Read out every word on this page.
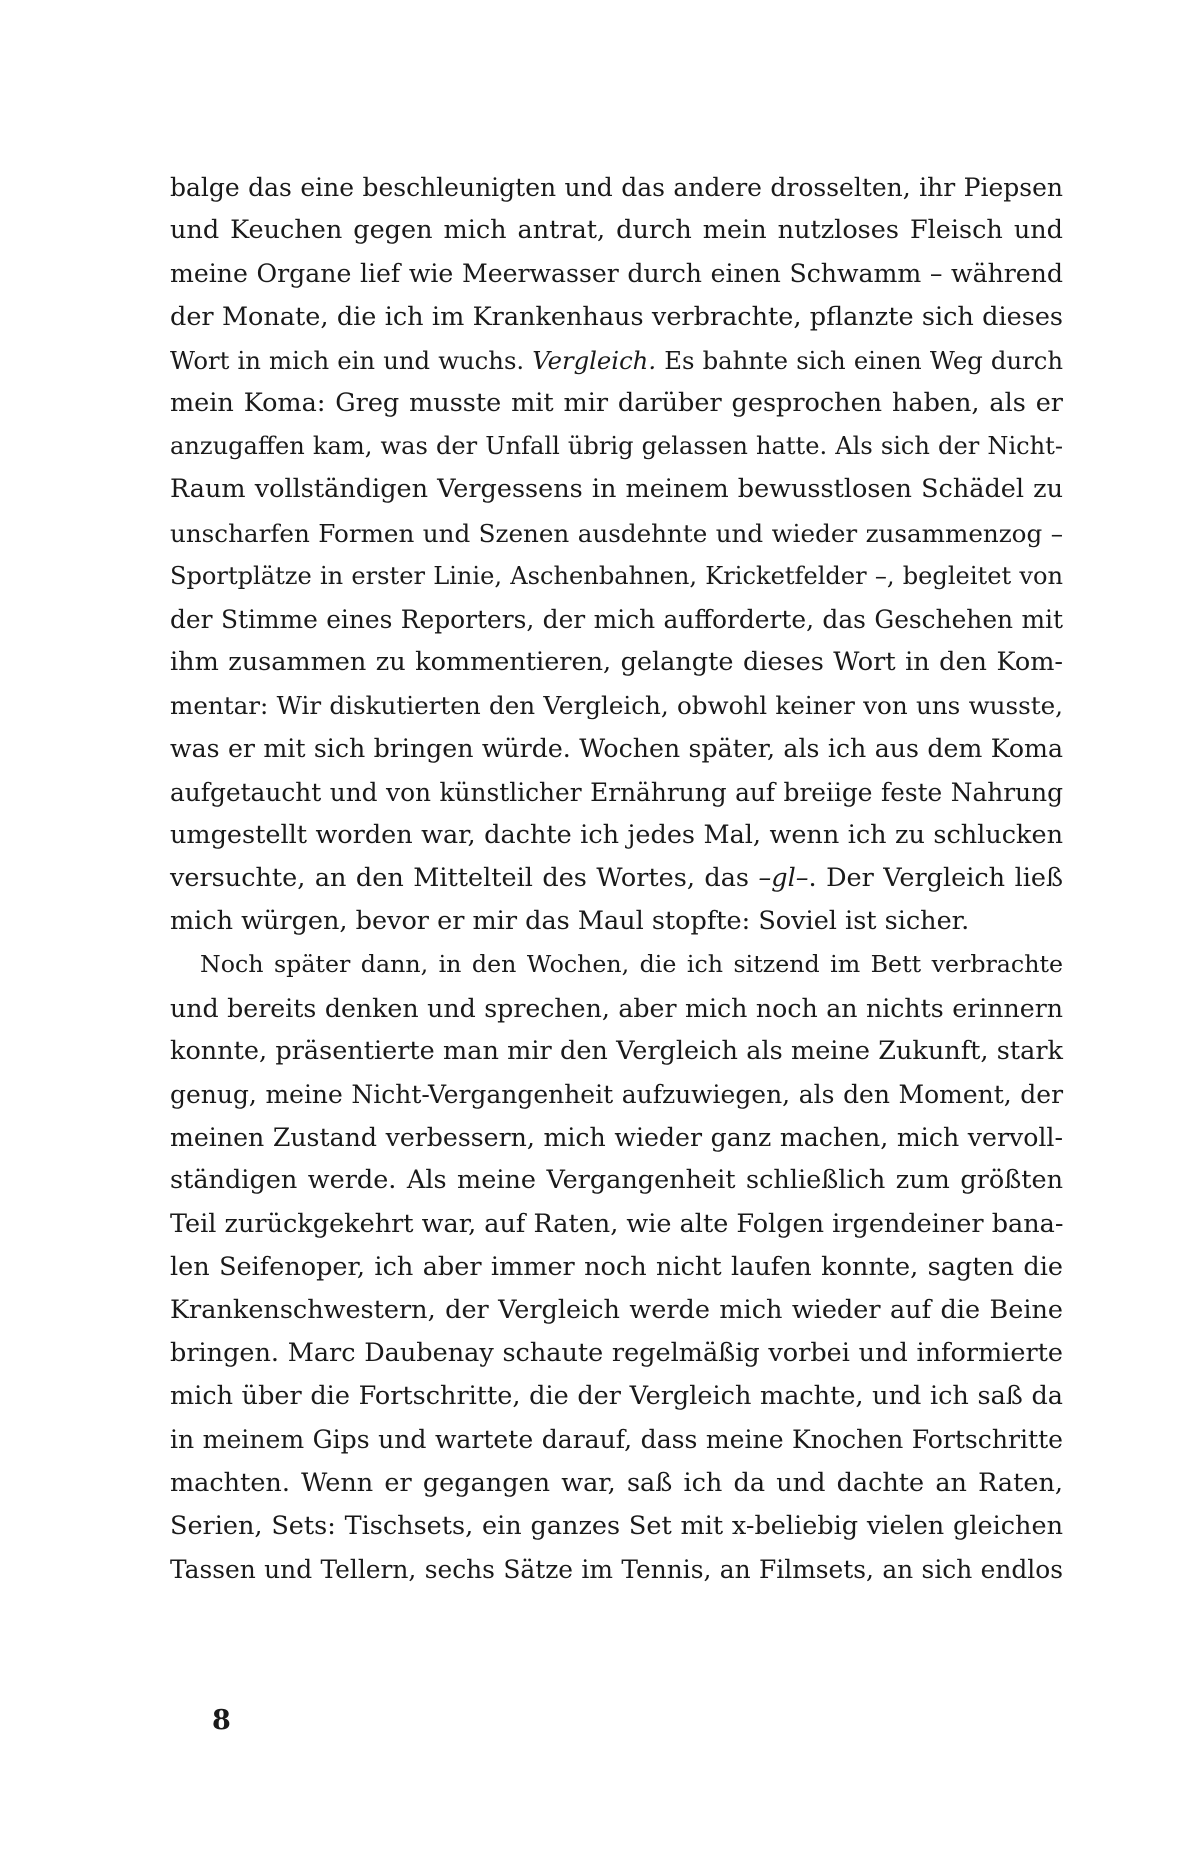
balge das eine beschleunigten und das andere drosselten, ihr Piepsen
und Keuchen gegen mich antrat, durch mein nutzloses Fleisch und
meine Organe lief wie Meerwasser durch einen Schwamm – während
der Monate, die ich im Krankenhaus verbrachte, pflanzte sich dieses
Wort in mich ein und wuchs. Vergleich. Es bahnte sich einen Weg durch
mein Koma: Greg musste mit mir darüber gesprochen haben, als er
anzugaffen kam, was der Unfall übrig gelassen hatte. Als sich der Nicht-
Raum vollständigen Vergessens in meinem bewusstlosen Schädel zu
unscharfen Formen und Szenen ausdehnte und wieder zusammenzog –
Sportplätze in erster Linie, Aschenbahnen, Kricketfelder –, begleitet von
der Stimme eines Reporters, der mich aufforderte, das Geschehen mit
ihm zusammen zu kommentieren, gelangte dieses Wort in den Kom-
mentar: Wir diskutierten den Vergleich, obwohl keiner von uns wusste,
was er mit sich bringen würde. Wochen später, als ich aus dem Koma
aufgetaucht und von künstlicher Ernährung auf breiige feste Nahrung
umgestellt worden war, dachte ich jedes Mal, wenn ich zu schlucken
versuchte, an den Mittelteil des Wortes, das –gl–. Der Vergleich ließ
mich würgen, bevor er mir das Maul stopfte: Soviel ist sicher.
Noch später dann, in den Wochen, die ich sitzend im Bett verbrachte
und bereits denken und sprechen, aber mich noch an nichts erinnern
konnte, präsentierte man mir den Vergleich als meine Zukunft, stark
genug, meine Nicht-Vergangenheit aufzuwiegen, als den Moment, der
meinen Zustand verbessern, mich wieder ganz machen, mich vervoll-
ständigen werde. Als meine Vergangenheit schließlich zum größten
Teil zurückgekehrt war, auf Raten, wie alte Folgen irgendeiner bana-
len Seifenoper, ich aber immer noch nicht laufen konnte, sagten die
Krankenschwestern, der Vergleich werde mich wieder auf die Beine
bringen. Marc Daubenay schaute regelmäßig vorbei und informierte
mich über die Fortschritte, die der Vergleich machte, und ich saß da
in meinem Gips und wartete darauf, dass meine Knochen Fortschritte
machten. Wenn er gegangen war, saß ich da und dachte an Raten,
Serien, Sets: Tischsets, ein ganzes Set mit x-beliebig vielen gleichen
Tassen und Tellern, sechs Sätze im Tennis, an Filmsets, an sich endlos
8
